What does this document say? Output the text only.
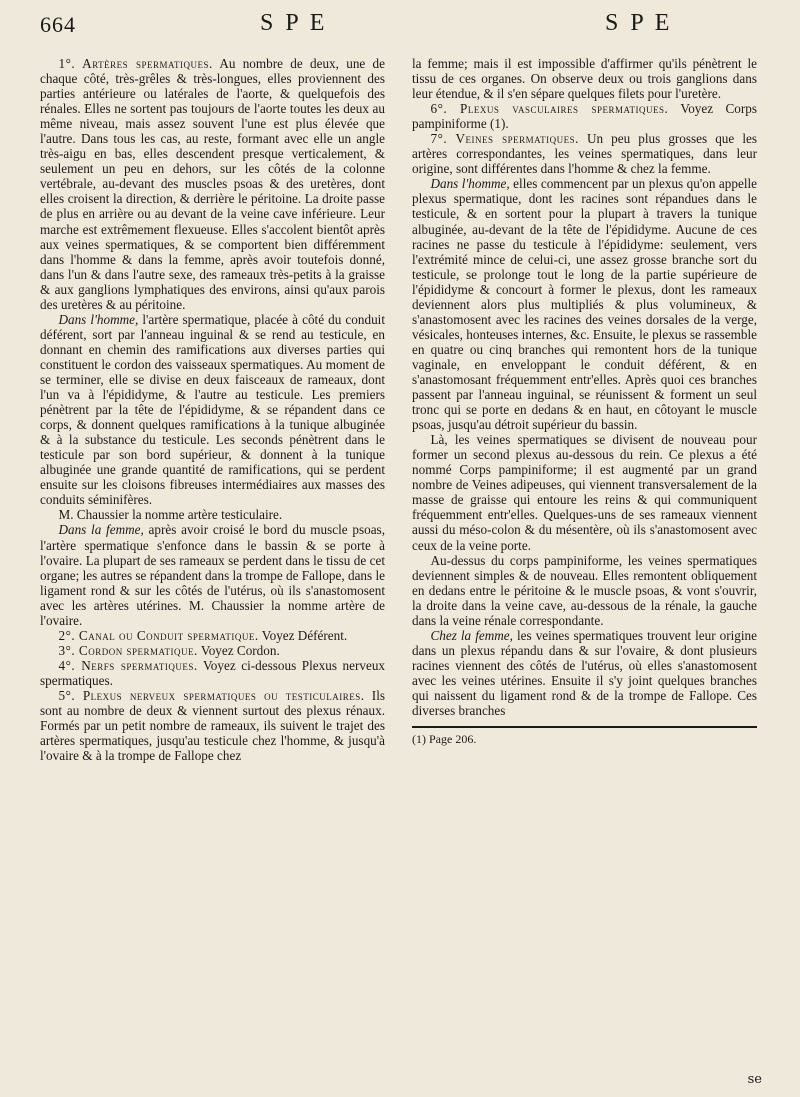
664	S P E	S P E

1°. Artères spermatiques. Au nombre de deux, une de chaque côté, très-grêles & très-longues, elles proviennent des parties antérieure ou latérales de l'aorte, & quelquefois des rénales. Elles ne sortent pas toujours de l'aorte toutes les deux au même niveau, mais assez souvent l'une est plus élevée que l'autre. Dans tous les cas, au reste, formant avec elle un angle très-aigu en bas, elles descendent presque verticalement, & seulement un peu en dehors, sur les côtés de la colonne vertébrale, au-devant des muscles psoas & des uretères, dont elles croisent la direction, & derrière le péritoine. La droite passe de plus en arrière ou au devant de la veine cave inférieure. Leur marche est extrêmement flexueuse. Elles s'accolent bientôt après aux veines spermatiques, & se comportent bien différemment dans l'homme & dans la femme, après avoir toutefois donné, dans l'un & dans l'autre sexe, des rameaux très-petits à la graisse & aux ganglions lymphatiques des environs, ainsi qu'aux parois des uretères & au péritoine.

Dans l'homme, l'artère spermatique, placée à côté du conduit déférent, sort par l'anneau inguinal & se rend au testicule, en donnant en chemin des ramifications aux diverses parties qui constituent le cordon des vaisseaux spermatiques. Au moment de se terminer, elle se divise en deux faisceaux de rameaux, dont l'un va à l'épididyme, & l'autre au testicule. Les premiers pénètrent par la tête de l'épididyme, & se répandent dans ce corps, & donnent quelques ramifications à la tunique albuginée & à la substance du testicule. Les seconds pénètrent dans le testicule par son bord supérieur, & donnent à la tunique albuginée une grande quantité de ramifications, qui se perdent ensuite sur les cloisons fibreuses intermédiaires aux masses des conduits séminifères.

M. Chaussier la nomme artère testiculaire.

Dans la femme, après avoir croisé le bord du muscle psoas, l'artère spermatique s'enfonce dans le bassin & se porte à l'ovaire. La plupart de ses rameaux se perdent dans le tissu de cet organe; les autres se répandent dans la trompe de Fallope, dans le ligament rond & sur les côtés de l'utérus, où ils s'anastomosent avec les artères utérines. M. Chaussier la nomme artère de l'ovaire.

2°. Canal ou Conduit spermatique. Voyez Déférent.

3°. Cordon spermatique. Voyez Cordon.

4°. Nerfs spermatiques. Voyez ci-dessous Plexus nerveux spermatiques.

5°. Plexus nerveux spermatiques ou testiculaires. Ils sont au nombre de deux & viennent surtout des plexus rénaux. Formés par un petit nombre de rameaux, ils suivent le trajet des artères spermatiques, jusqu'au testicule chez l'homme, & jusqu'à l'ovaire & à la trompe de Fallope chez

la femme; mais il est impossible d'affirmer qu'ils pénètrent le tissu de ces organes. On observe deux ou trois ganglions dans leur étendue, & il s'en sépare quelques filets pour l'uretère.

6°. Plexus vasculaires spermatiques. Voyez Corps pampiniforme (1).

7°. Veines spermatiques. Un peu plus grosses que les artères correspondantes, les veines spermatiques, dans leur origine, sont différentes dans l'homme & chez la femme.

Dans l'homme, elles commencent par un plexus qu'on appelle plexus spermatique, dont les racines sont répandues dans le testicule, & en sortent pour la plupart à travers la tunique albuginée, au-devant de la tête de l'épididyme. Aucune de ces racines ne passe du testicule à l'épididyme: seulement, vers l'extrémité mince de celui-ci, une assez grosse branche sort du testicule, se prolonge tout le long de la partie supérieure de l'épididyme & concourt à former le plexus, dont les rameaux deviennent alors plus multipliés & plus volumineux, & s'anastomosent avec les racines des veines dorsales de la verge, vésicales, honteuses internes, &c. Ensuite, le plexus se rassemble en quatre ou cinq branches qui remontent hors de la tunique vaginale, en enveloppant le conduit déférent, & en s'anastomosant fréquemment entr'elles. Après quoi ces branches passent par l'anneau inguinal, se réunissent & forment un seul tronc qui se porte en dedans & en haut, en côtoyant le muscle psoas, jusqu'au détroit supérieur du bassin.

Là, les veines spermatiques se divisent de nouveau pour former un second plexus au-dessous du rein. Ce plexus a été nommé Corps pampiniforme; il est augmenté par un grand nombre de Veines adipeuses, qui viennent transversalement de la masse de graisse qui entoure les reins & qui communiquent fréquemment entr'elles. Quelques-uns de ses rameaux viennent aussi du méso-colon & du mésentère, où ils s'anastomosent avec ceux de la veine porte.

Au-dessus du corps pampiniforme, les veines spermatiques deviennent simples & de nouveau. Elles remontent obliquement en dedans entre le péritoine & le muscle psoas, & vont s'ouvrir, la droite dans la veine cave, au-dessous de la rénale, la gauche dans la veine rénale correspondante.

Chez la femme, les veines spermatiques trouvent leur origine dans un plexus répandu dans & sur l'ovaire, & dont plusieurs racines viennent des côtés de l'utérus, où elles s'anastomosent avec les veines utérines. Ensuite il s'y joint quelques branches qui naissent du ligament rond & de la trompe de Fallope. Ces diverses branches

(1) Page 206.
se
